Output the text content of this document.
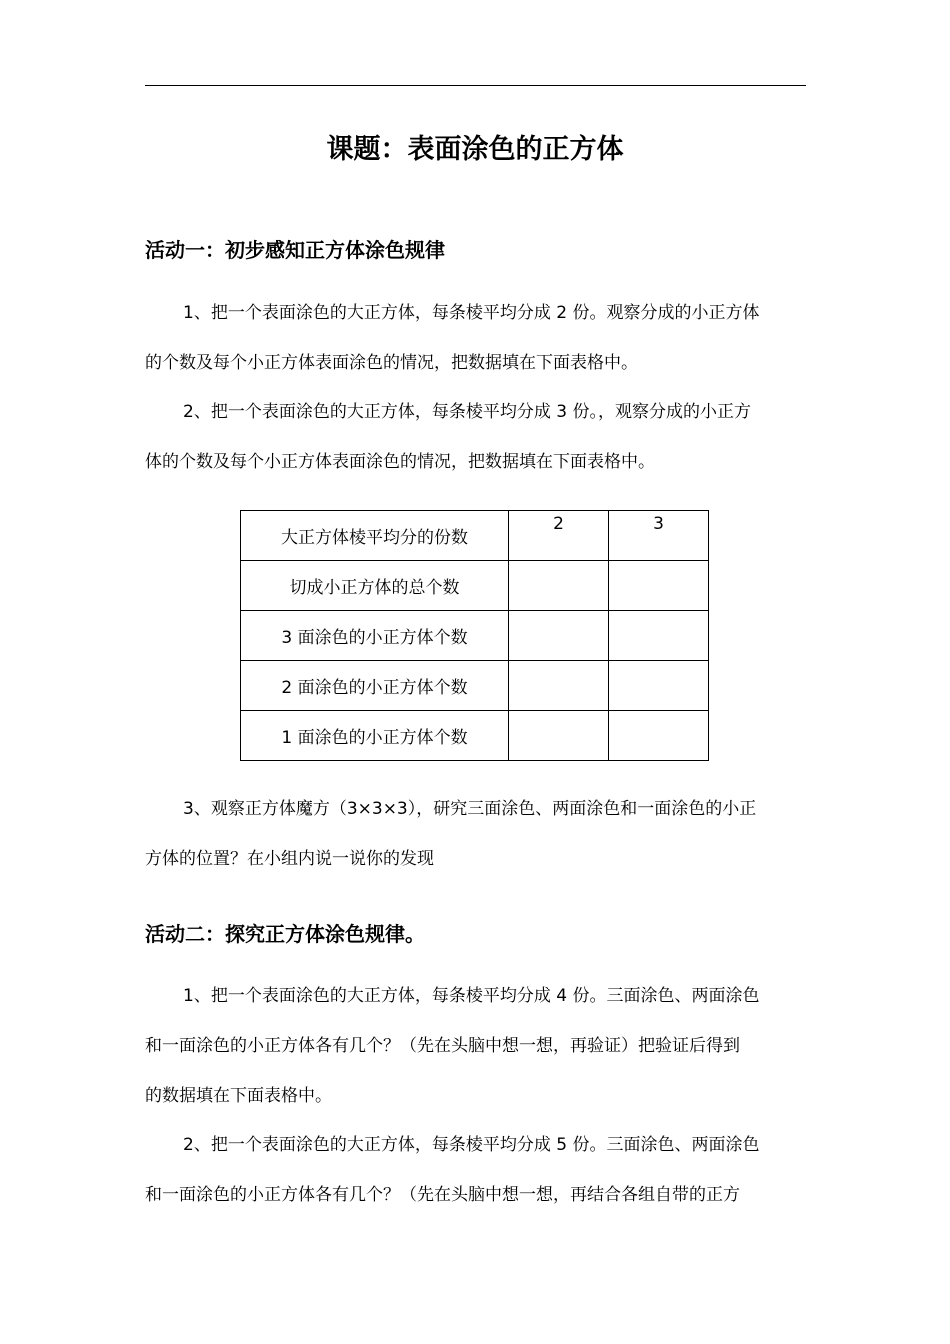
课题：表面涂色的正方体
活动一：初步感知正方体涂色规律
1、把一个表面涂色的大正方体，每条棱平均分成 2 份。观察分成的小正方体
的个数及每个小正方体表面涂色的情况，把数据填在下面表格中。
2、把一个表面涂色的大正方体，每条棱平均分成 3 份。，观察分成的小正方
体的个数及每个小正方体表面涂色的情况，把数据填在下面表格中。
大正方体棱平均分的份数	2	3
切成小正方体的总个数		
3 面涂色的小正方体个数		
2 面涂色的小正方体个数		
1 面涂色的小正方体个数		
3、观察正方体魔方（3×3×3），研究三面涂色、两面涂色和一面涂色的小正
方体的位置？在小组内说一说你的发现
活动二：探究正方体涂色规律。
1、把一个表面涂色的大正方体，每条棱平均分成 4 份。三面涂色、两面涂色
和一面涂色的小正方体各有几个？（先在头脑中想一想，再验证）把验证后得到
的数据填在下面表格中。
2、把一个表面涂色的大正方体，每条棱平均分成 5 份。三面涂色、两面涂色
和一面涂色的小正方体各有几个？（先在头脑中想一想，再结合各组自带的正方
